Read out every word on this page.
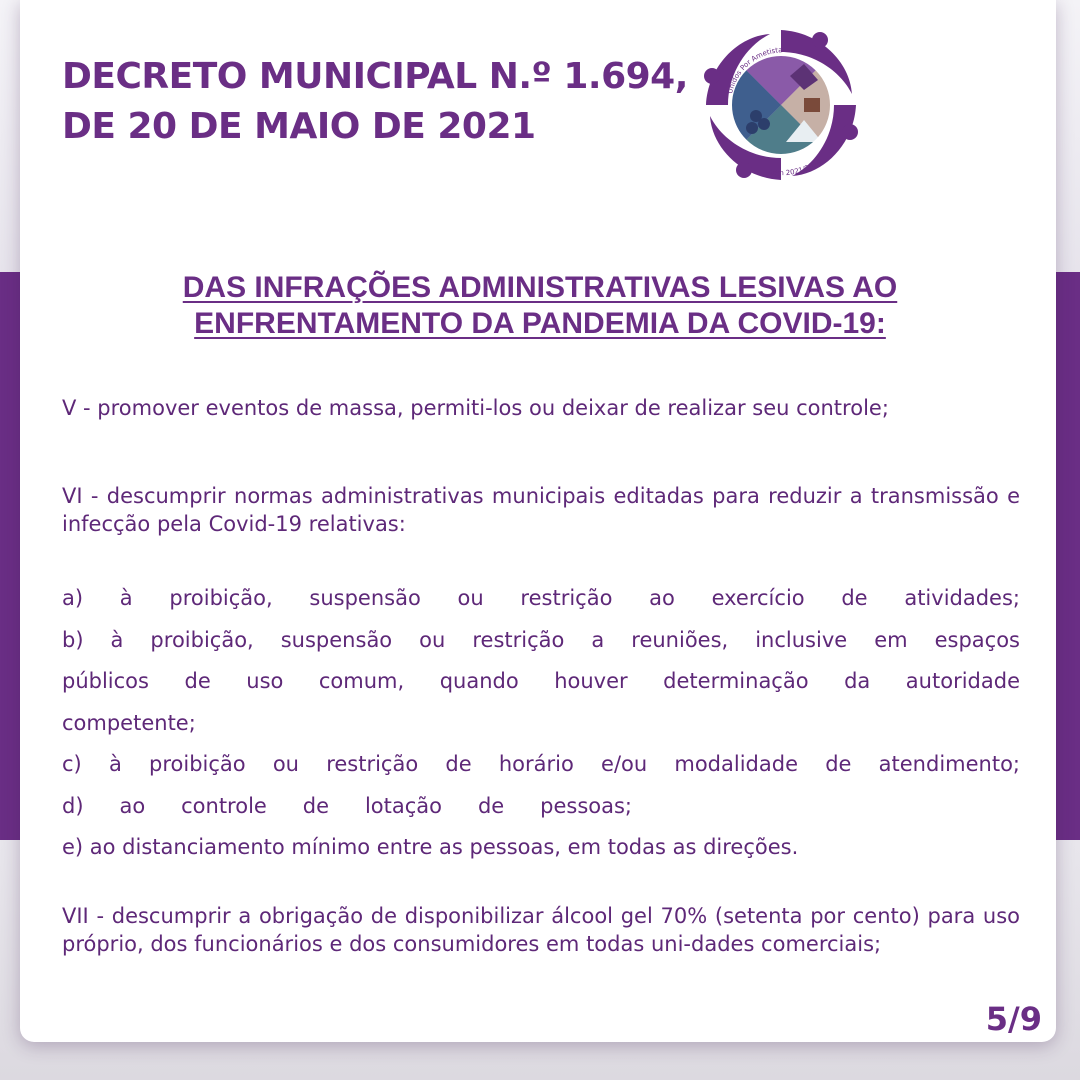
DECRETO MUNICIPAL N.º 1.694,
DE 20 DE MAIO DE 2021
Unidos Por Ametista
Adm 2021/2024
DAS INFRAÇÕES ADMINISTRATIVAS LESIVAS AO
ENFRENTAMENTO DA PANDEMIA DA COVID-19:

V - promover eventos de massa, permiti-los ou deixar de realizar seu controle;

VI - descumprir normas administrativas municipais editadas para reduzir a transmissão e infecção pela Covid-19 relativas:

a) à proibição, suspensão ou restrição ao exercício de atividades;
b) à proibição, suspensão ou restrição a reuniões, inclusive em espaços
públicos de uso comum, quando houver determinação da autoridade
competente;
c) à proibição ou restrição de horário e/ou modalidade de atendimento;
d) ao controle de lotação de pessoas;
e) ao distanciamento mínimo entre as pessoas, em todas as direções.

VII - descumprir a obrigação de disponibilizar álcool gel 70% (setenta por cento) para uso próprio, dos funcionários e dos consumidores em todas uni-dades comerciais;

5/9
